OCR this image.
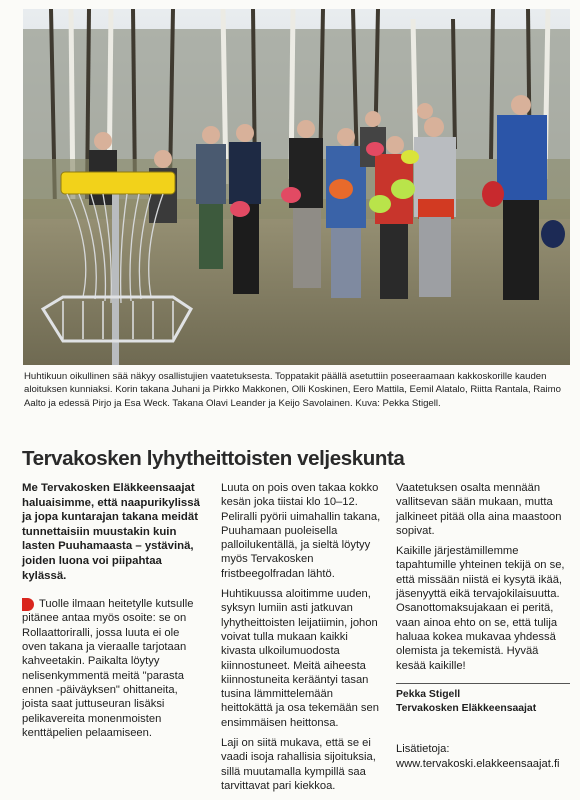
Huhtikuun oikullinen sää näkyy osallistujien vaatetuksesta. Toppatakit päällä asetuttiin poseeraamaan kakkoskorille kauden aloituksen kunniaksi. Korin takana Juhani ja Pirkko Makkonen, Olli Koskinen, Eero Mattila, Eemil Alatalo, Riitta Rantala, Raimo Aalto ja edessä Pirjo ja Esa Weck. Takana Olavi Leander ja Keijo Savolainen. Kuva: Pekka Stigell.
Tervakosken lyhytheittoisten veljeskunta

Me Tervakosken Eläkkeensaajat haluaisimme, että naapurikylissä ja jopa kuntarajan takana meidät tunnettaisiin muustakin kuin lasten Puuhamaasta – ystävinä, joiden luona voi piipahtaa kylässä.

Tuolle ilmaan heitetylle kutsulle pitänee antaa myös osoite: se on Rollaattoriralli, jossa luuta ei ole oven takana ja vieraalle tarjotaan kahveetakin. Paikalta löytyy nelisenkymmentä meitä "parasta ennen -päiväyksen" ohittaneita, joista saat juttuseuran lisäksi pelikavereita monenmoisten kenttäpelien pelaamiseen.

Luuta on pois oven takaa kokko kesän joka tiistai klo 10–12. Peliralli pyörii uimahallin takana, Puuhamaan puoleisella palloilukentällä, ja sieltä löytyy myös Tervakosken fristbeegolfradan lähtö.

Huhtikuussa aloitimme uuden, syksyn lumiin asti jatkuvan lyhytheittoisten leijatiimin, johon voivat tulla mukaan kaikki kivasta ulkoilumuodosta kiinnostuneet. Meitä aiheesta kiinnostuneita kerääntyi tasan tusina lämmittelemään heittokättä ja osa tekemään sen ensimmäisen heittonsa.

Laji on siitä mukava, että se ei vaadi isoja rahallisia sijoituksia, sillä muutamalla kympillä saa tarvittavat pari kiekkoa.

Vaatetuksen osalta mennään vallitsevan sään mukaan, mutta jalkineet pitää olla aina maastoon sopivat.

Kaikille järjestämillemme tapahtumille yhteinen tekijä on se, että missään niistä ei kysytä ikää, jäsenyyttä eikä tervajokilaisuutta. Osanottomaksujakaan ei peritä, vaan ainoa ehto on se, että tulija haluaa kokea mukavaa yhdessä olemista ja tekemistä. Hyvää kesää kaikille!

Pekka Stigell
Tervakosken Eläkkeensaajat
Lisätietoja:
www.tervakoski.elakkeensaajat.fi
